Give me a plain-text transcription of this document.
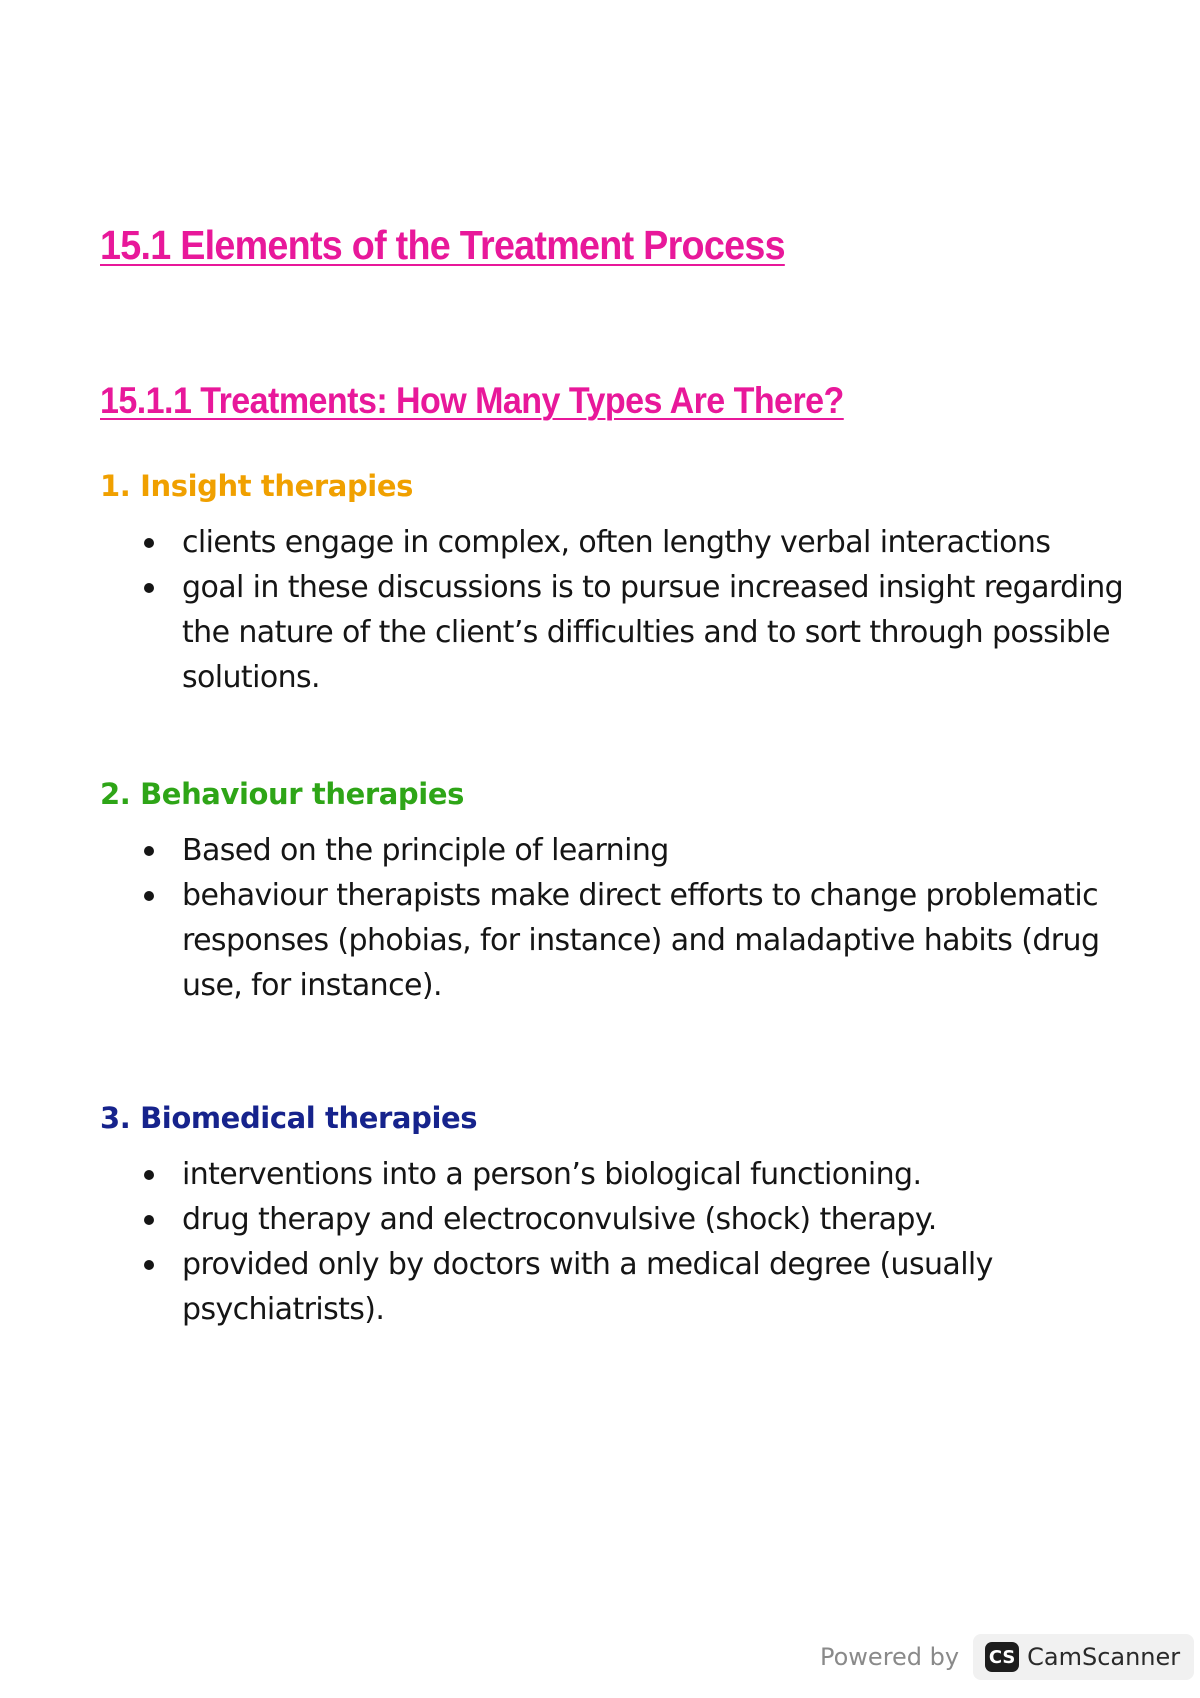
15.1 Elements of the Treatment Process
15.1.1 Treatments: How Many Types Are There?
1. Insight therapies
clients engage in complex, often lengthy verbal interactions
goal in these discussions is to pursue increased insight regarding the nature of the client’s difficulties and to sort through possible solutions.
2. Behaviour therapies
Based on the principle of learning
behaviour therapists make direct efforts to change problematic responses (phobias, for instance) and maladaptive habits (drug use, for instance).
3. Biomedical therapies
interventions into a person’s biological functioning.
drug therapy and electroconvulsive (shock) therapy.
provided only by doctors with a medical degree (usually psychiatrists).
Powered by CS CamScanner
